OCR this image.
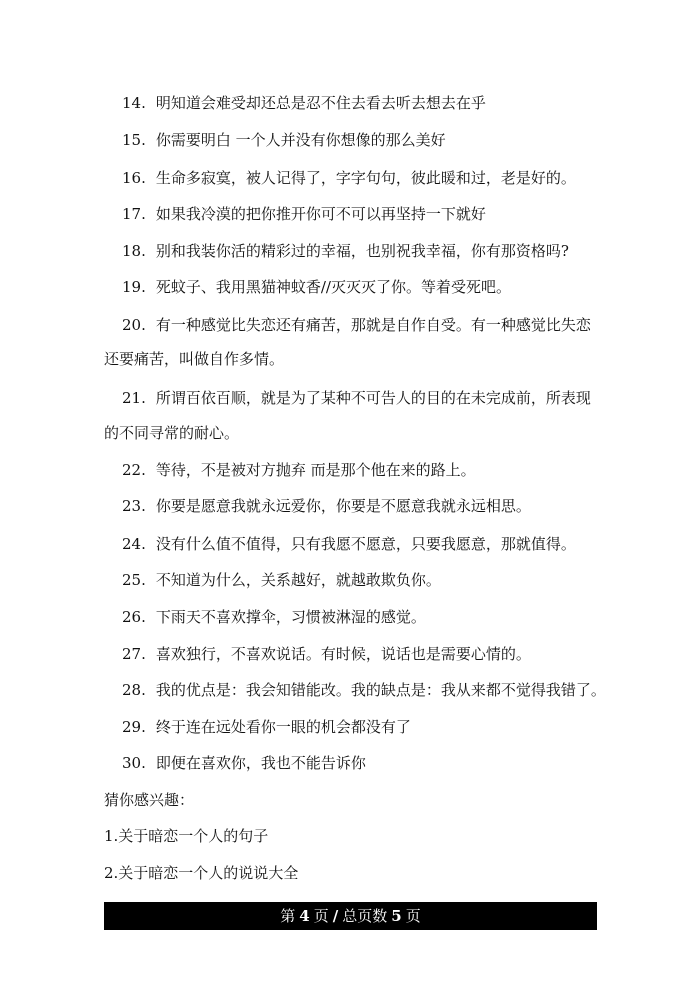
14. 明知道会难受却还总是忍不住去看去听去想去在乎
15. 你需要明白 一个人并没有你想像的那么美好
16. 生命多寂寞，被人记得了，字字句句，彼此暖和过，老是好的。
17. 如果我冷漠的把你推开你可不可以再坚持一下就好
18. 别和我装你活的精彩过的幸福，也别祝我幸福，你有那资格吗?
19. 死蚊子、我用黑猫神蚊香//灭灭灭了你。等着受死吧。
20. 有一种感觉比失恋还有痛苦，那就是自作自受。有一种感觉比失恋
还要痛苦，叫做自作多情。
21. 所谓百依百顺，就是为了某种不可告人的目的在未完成前，所表现
的不同寻常的耐心。
22. 等待，不是被对方抛弃 而是那个他在来的路上。
23. 你要是愿意我就永远爱你，你要是不愿意我就永远相思。
24. 没有什么值不值得，只有我愿不愿意，只要我愿意，那就值得。
25. 不知道为什么，关系越好，就越敢欺负你。
26. 下雨天不喜欢撑伞，习惯被淋湿的感觉。
27. 喜欢独行，不喜欢说话。有时候，说话也是需要心情的。
28. 我的优点是：我会知错能改。我的缺点是：我从来都不觉得我错了。
29. 终于连在远处看你一眼的机会都没有了
30. 即便在喜欢你，我也不能告诉你
猜你感兴趣：
1.关于暗恋一个人的句子
2.关于暗恋一个人的说说大全
第 4 页 / 总页数 5 页
